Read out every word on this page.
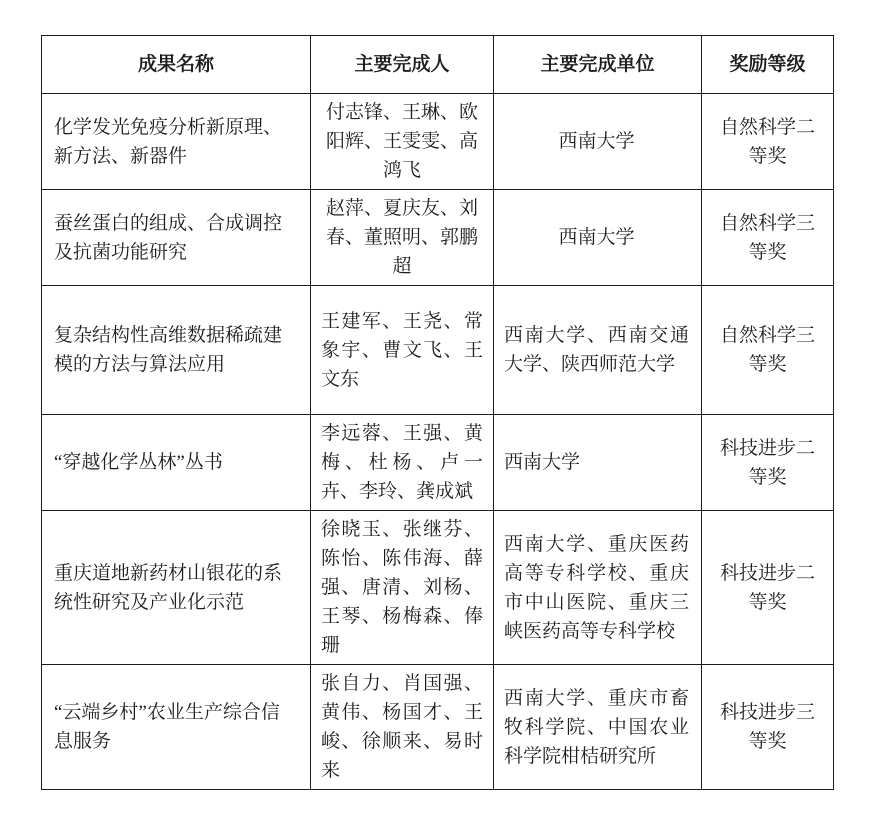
成果名称	主要完成人	主要完成单位	奖励等级
化学发光免疫分析新原理、新方法、新器件	付志锋、王琳、欧阳辉、王雯雯、高鸿飞	西南大学	自然科学二等奖
蚕丝蛋白的组成、合成调控及抗菌功能研究	赵萍、夏庆友、刘春、董照明、郭鹏超	西南大学	自然科学三等奖
复杂结构性高维数据稀疏建模的方法与算法应用	王建军、王尧、常象宇、曹文飞、王文东	西南大学、西南交通大学、陕西师范大学	自然科学三等奖
“穿越化学丛林”丛书	李远蓉、王强、黄梅、杜杨、卢一卉、李玲、龚成斌	西南大学	科技进步二等奖
重庆道地新药材山银花的系统性研究及产业化示范	徐晓玉、张继芬、陈怡、陈伟海、薛强、唐清、刘杨、王琴、杨梅森、俸珊	西南大学、重庆医药高等专科学校、重庆市中山医院、重庆三峡医药高等专科学校	科技进步二等奖
“云端乡村”农业生产综合信息服务	张自力、肖国强、黄伟、杨国才、王峻、徐顺来、易时来	西南大学、重庆市畜牧科学院、中国农业科学院柑桔研究所	科技进步三等奖
